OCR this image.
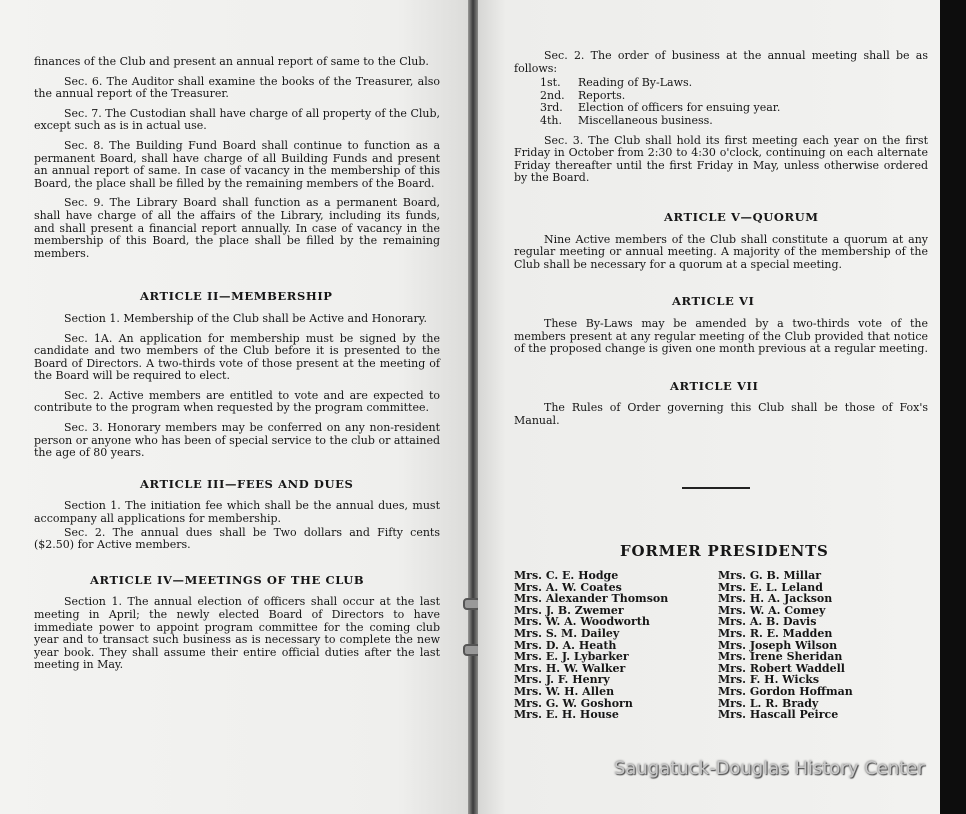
finances of the Club and present an annual report of same to the Club.

Sec. 6. The Auditor shall examine the books of the Treasurer, also the annual report of the Treasurer.

Sec. 7. The Custodian shall have charge of all property of the Club, except such as is in actual use.

Sec. 8. The Building Fund Board shall continue to function as a permanent Board, shall have charge of all Building Funds and present an annual report of same. In case of vacancy in the membership of this Board, the place shall be filled by the remaining members of the Board.

Sec. 9. The Library Board shall function as a permanent Board, shall have charge of all the affairs of the Library, including its funds, and shall present a financial report annually. In case of vacancy in the membership of this Board, the place shall be filled by the remaining members.

ARTICLE II—MEMBERSHIP

Section 1. Membership of the Club shall be Active and Honorary.

Sec. 1A. An application for membership must be signed by the candidate and two members of the Club before it is presented to the Board of Directors. A two-thirds vote of those present at the meeting of the Board will be required to elect.

Sec. 2. Active members are entitled to vote and are expected to contribute to the program when requested by the program committee.

Sec. 3. Honorary members may be conferred on any non-resident person or anyone who has been of special service to the club or attained the age of 80 years.

ARTICLE III—FEES AND DUES

Section 1. The initiation fee which shall be the annual dues, must accompany all applications for membership.

Sec. 2. The annual dues shall be Two dollars and Fifty cents ($2.50) for Active members.

ARTICLE IV—MEETINGS OF THE CLUB

Section 1. The annual election of officers shall occur at the last meeting in April; the newly elected Board of Directors to have immediate power to appoint program committee for the coming club year and to transact such business as is necessary to complete the new year book. They shall assume their entire official duties after the last meeting in May.

Sec. 2. The order of business at the annual meeting shall be as follows:

1st. Reading of By-Laws.
2nd. Reports.
3rd. Election of officers for ensuing year.
4th. Miscellaneous business.

Sec. 3. The Club shall hold its first meeting each year on the first Friday in October from 2:30 to 4:30 o'clock, continuing on each alternate Friday thereafter until the first Friday in May, unless otherwise ordered by the Board.

ARTICLE V—QUORUM

Nine Active members of the Club shall constitute a quorum at any regular meeting or annual meeting. A majority of the membership of the Club shall be necessary for a quorum at a special meeting.

ARTICLE VI

These By-Laws may be amended by a two-thirds vote of the members present at any regular meeting of the Club provided that notice of the proposed change is given one month previous at a regular meeting.

ARTICLE VII

The Rules of Order governing this Club shall be those of Fox's Manual.

FORMER PRESIDENTS
Mrs. C. E. Hodge
Mrs. A. W. Coates
Mrs. Alexander Thomson
Mrs. J. B. Zwemer
Mrs. W. A. Woodworth
Mrs. S. M. Dailey
Mrs. D. A. Heath
Mrs. E. J. Lybarker
Mrs. H. W. Walker
Mrs. J. F. Henry
Mrs. W. H. Allen
Mrs. G. W. Goshorn
Mrs. E. H. House
Mrs. G. B. Millar
Mrs. E. L. Leland
Mrs. H. A. Jackson
Mrs. W. A. Comey
Mrs. A. B. Davis
Mrs. R. E. Madden
Mrs. Joseph Wilson
Mrs. Irene Sheridan
Mrs. Robert Waddell
Mrs. F. H. Wicks
Mrs. Gordon Hoffman
Mrs. L. R. Brady
Mrs. Hascall Peirce
Saugatuck-Douglas History Center
